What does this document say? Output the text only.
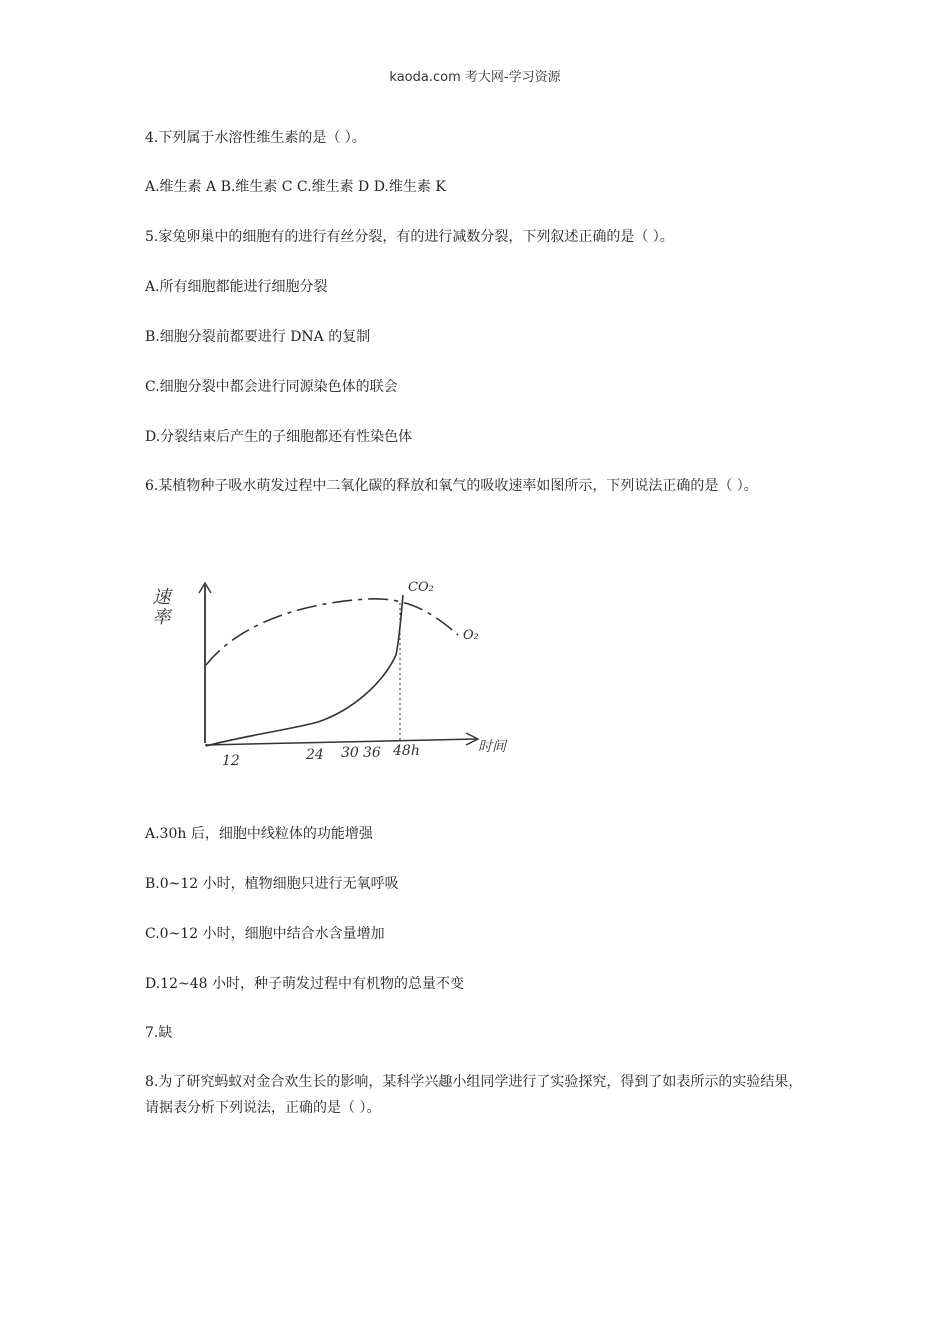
kaoda.com 考大网-学习资源
4.下列属于水溶性维生素的是（ ）。
A.维生素 A B.维生素 C C.维生素 D D.维生素 K
5.家兔卵巢中的细胞有的进行有丝分裂，有的进行减数分裂，下列叙述正确的是（ ）。
A.所有细胞都能进行细胞分裂
B.细胞分裂前都要进行 DNA 的复制
C.细胞分裂中都会进行同源染色体的联会
D.分裂结束后产生的子细胞都还有性染色体
6.某植物种子吸水萌发过程中二氧化碳的释放和氧气的吸收速率如图所示，下列说法正确的是（ ）。
速率
时间
12	24 30 36 48h
CO₂
O₂
A.30h 后，细胞中线粒体的功能增强
B.0~12 小时，植物细胞只进行无氧呼吸
C.0~12 小时，细胞中结合水含量增加
D.12~48 小时，种子萌发过程中有机物的总量不变
7.缺
8.为了研究蚂蚁对金合欢生长的影响，某科学兴趣小组同学进行了实验探究，得到了如表所示的实验结果，请据表分析下列说法，正确的是（ ）。
